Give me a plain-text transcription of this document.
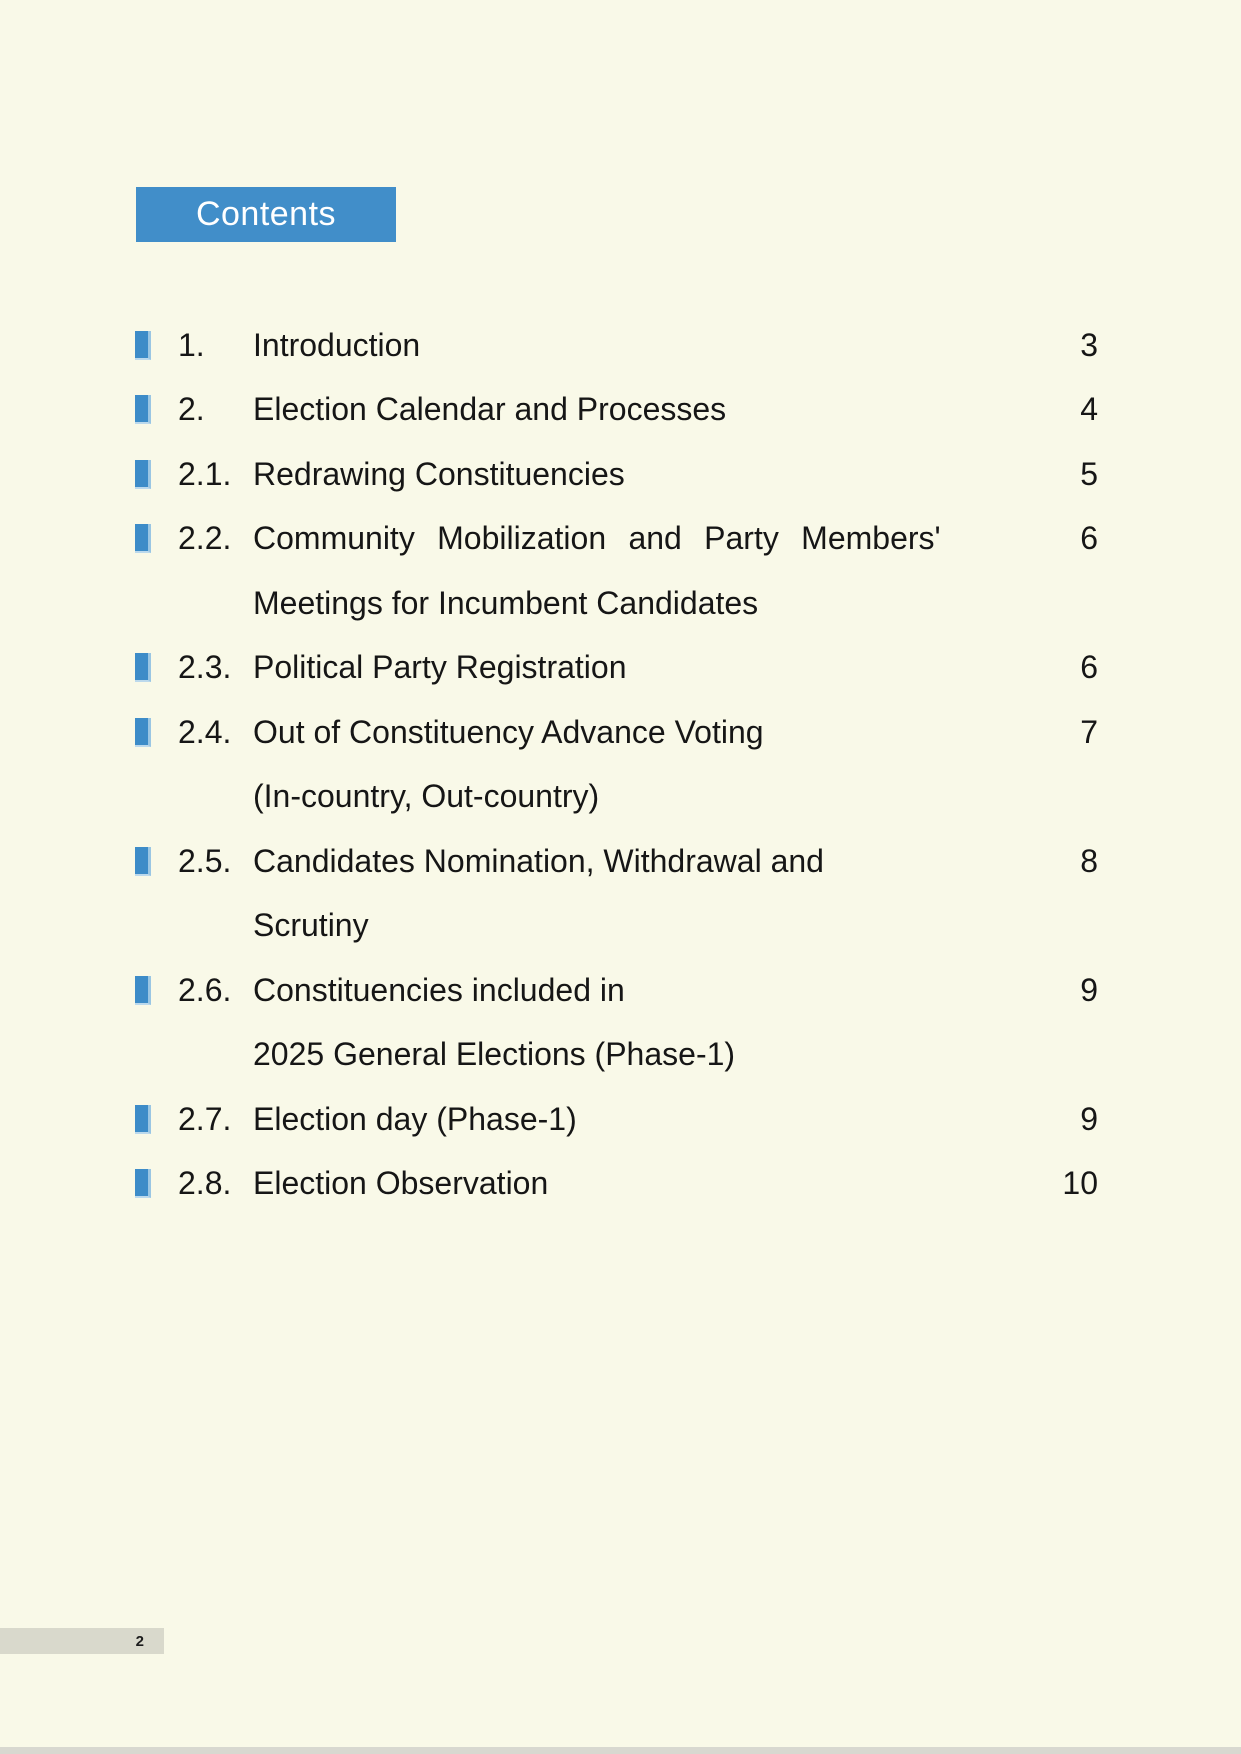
Contents
1.	Introduction	3
2.	Election Calendar and Processes	4
2.1. Redrawing Constituencies	5
2.2. Community Mobilization and Party Members'	6
Meetings for Incumbent Candidates
2.3. Political Party Registration	6
2.4. Out of Constituency Advance Voting	7
(In-country, Out-country)
2.5. Candidates Nomination, Withdrawal and	8
Scrutiny
2.6. Constituencies included in	9
2025 General Elections (Phase-1)
2.7. Election day (Phase-1)	9
2.8. Election Observation	10
2
